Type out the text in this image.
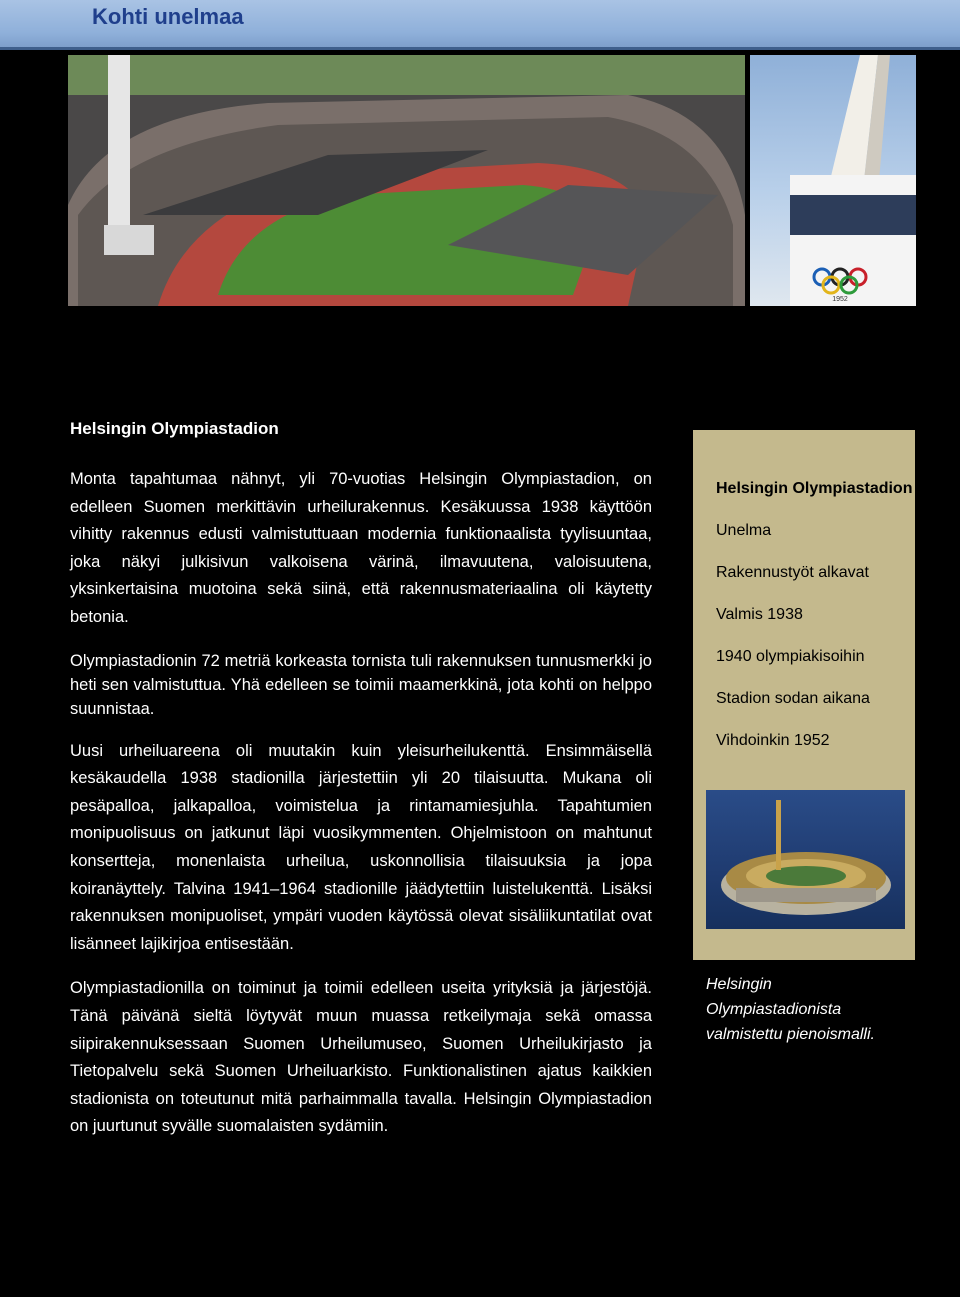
Kohti unelmaa
1952
Helsingin Olympiastadion

Monta tapahtumaa nähnyt, yli 70-vuotias Helsingin Olympiastadion, on edelleen Suomen merkittävin urheilurakennus. Kesäkuussa 1938 käyttöön vihitty rakennus edusti valmistuttuaan modernia funktionaalista tyylisuuntaa, joka näkyi julkisivun valkoisena värinä, ilmavuutena, valoisuutena, yksinkertaisina muotoina sekä siinä, että rakennusmateriaalina oli käytetty betonia.

Olympiastadionin 72 metriä korkeasta tornista tuli rakennuksen tunnusmerkki jo heti sen valmistuttua. Yhä edelleen se toimii maamerkkinä, jota kohti on helppo suunnistaa.

Uusi urheiluareena oli muutakin kuin yleisurheilukenttä. Ensimmäisellä kesäkaudella 1938 stadionilla järjestettiin yli 20 tilaisuutta. Mukana oli pesäpalloa, jalkapalloa, voimistelua ja rintamamiesjuhla. Tapahtumien monipuolisuus on jatkunut läpi vuosikymmenten. Ohjelmistoon on mahtunut konsertteja, monenlaista urheilua, uskonnollisia tilaisuuksia ja jopa koiranäyttely. Talvina 1941–1964 stadionille jäädytettiin luistelukenttä. Lisäksi rakennuksen monipuoliset, ympäri vuoden käytössä olevat sisäliikuntatilat ovat lisänneet lajikirjoa entisestään.

Olympiastadionilla on toiminut ja toimii edelleen useita yrityksiä ja järjestöjä. Tänä päivänä sieltä löytyvät muun muassa retkeilymaja sekä omassa siipirakennuksessaan Suomen Urheilumuseo, Suomen Urheilukirjasto ja Tietopalvelu sekä Suomen Urheiluarkisto. Funktionalistinen ajatus kaikkien stadionista on toteutunut mitä parhaimmalla tavalla. Helsingin Olympiastadion on juurtunut syvälle suomalaisten sydämiin.

Helsingin Olympiastadion
Unelma
Rakennustyöt alkavat
Valmis 1938
1940 olympiakisoihin
Stadion sodan aikana
Vihdoinkin 1952
Helsingin Olympiastadionista valmistettu pienoismalli.
